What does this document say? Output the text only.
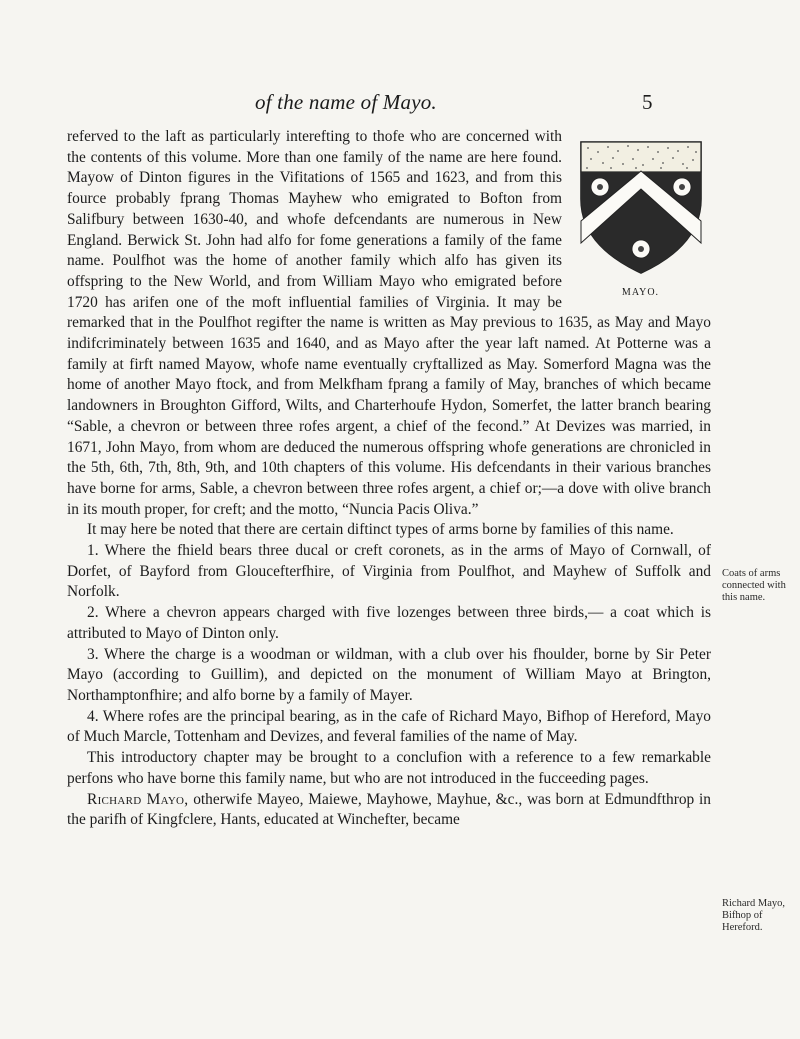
of the name of Mayo.	5
MAYO.

referved to the laft as particularly interefting to thofe who are concerned with the contents of this volume. More than one family of the name are here found. Mayow of Dinton figures in the Vifitations of 1565 and 1623, and from this fource probably fprang Thomas Mayhew who emigrated to Bofton from Salifbury between 1630-40, and whofe defcendants are numerous in New England. Berwick St. John had alfo for fome generations a family of the fame name. Poulfhot was the home of another family which alfo has given its offspring to the New World, and from William Mayo who emigrated before 1720 has arifen one of the moft influential families of Virginia. It may be remarked that in the Poulfhot regifter the name is written as May previous to 1635, as May and Mayo indifcriminately between 1635 and 1640, and as Mayo after the year laft named. At Potterne was a family at firft named Mayow, whofe name eventually cryftallized as May. Somerford Magna was the home of another Mayo ftock, and from Melkfham fprang a family of May, branches of which became landowners in Broughton Gifford, Wilts, and Charterhoufe Hydon, Somerfet, the latter branch bearing “Sable, a chevron or between three rofes argent, a chief of the fecond.” At Devizes was married, in 1671, John Mayo, from whom are deduced the numerous offspring whofe generations are chronicled in the 5th, 6th, 7th, 8th, 9th, and 10th chapters of this volume. His defcendants in their various branches have borne for arms, Sable, a chevron between three rofes argent, a chief or;—a dove with olive branch in its mouth proper, for creft; and the motto, “Nuncia Pacis Oliva.”

It may here be noted that there are certain diftinct types of arms borne by families of this name.

1. Where the fhield bears three ducal or creft coronets, as in the arms of Mayo of Cornwall, of Dorfet, of Bayford from Gloucefterfhire, of Virginia from Poulfhot, and Mayhew of Suffolk and Norfolk.

2. Where a chevron appears charged with five lozenges between three birds,— a coat which is attributed to Mayo of Dinton only.

3. Where the charge is a woodman or wildman, with a club over his fhoulder, borne by Sir Peter Mayo (according to Guillim), and depicted on the monument of William Mayo at Brington, Northamptonfhire; and alfo borne by a family of Mayer.

4. Where rofes are the principal bearing, as in the cafe of Richard Mayo, Bifhop of Hereford, Mayo of Much Marcle, Tottenham and Devizes, and feveral families of the name of May.

This introductory chapter may be brought to a conclufion with a reference to a few remarkable perfons who have borne this family name, but who are not introduced in the fucceeding pages.

Richard Mayo, otherwife Mayeo, Maiewe, Mayhowe, Mayhue, &c., was born at Edmundfthrop in the parifh of Kingfclere, Hants, educated at Winchefter, became

Coats of arms connected with this name.
Richard Mayo, Bifhop of Hereford.
